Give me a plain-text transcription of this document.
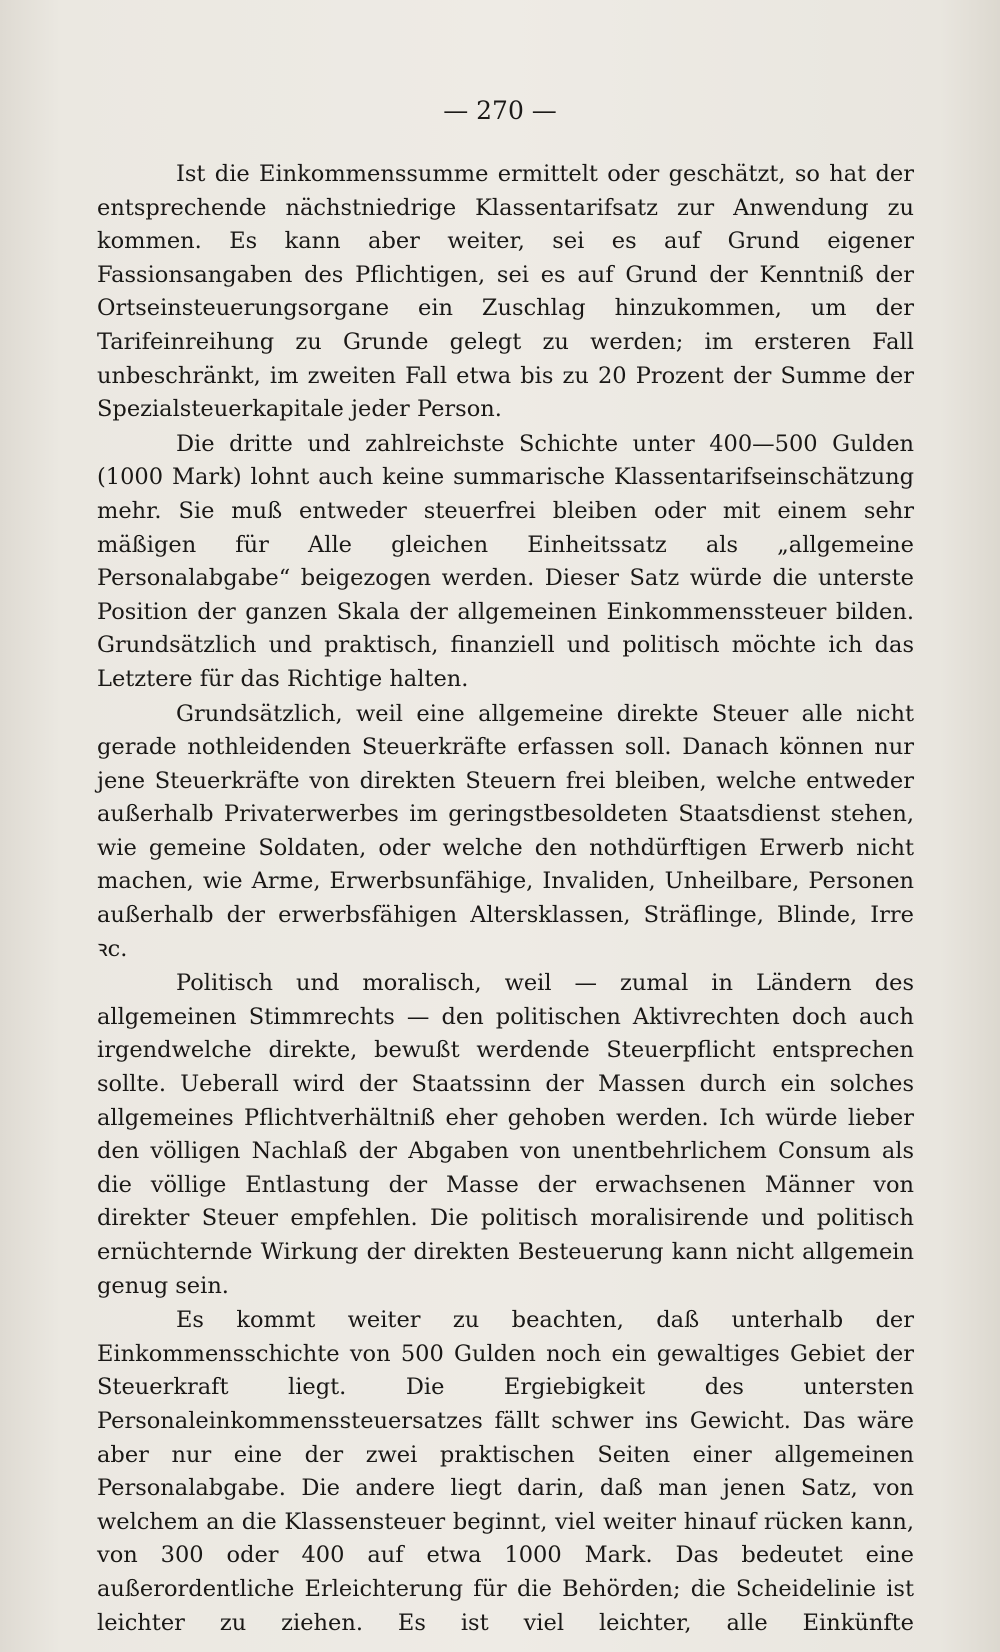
— 270 —

Ist die Einkommenssumme ermittelt oder geschätzt, so hat der entsprechende nächstniedrige Klassentarifsatz zur Anwendung zu kommen. Es kann aber weiter, sei es auf Grund eigener Fassionsangaben des Pflichtigen, sei es auf Grund der Kenntniß der Ortseinsteuerungsorgane ein Zuschlag hinzukommen, um der Tarifeinreihung zu Grunde gelegt zu werden; im ersteren Fall unbeschränkt, im zweiten Fall etwa bis zu 20 Prozent der Summe der Spezialsteuerkapitale jeder Person.

Die dritte und zahlreichste Schichte unter 400—500 Gulden (1000 Mark) lohnt auch keine summarische Klassentarifseinschätzung mehr. Sie muß entweder steuerfrei bleiben oder mit einem sehr mäßigen für Alle gleichen Einheitssatz als „allgemeine Personalabgabe“ beigezogen werden. Dieser Satz würde die unterste Position der ganzen Skala der allgemeinen Einkommenssteuer bilden. Grundsätzlich und praktisch, finanziell und politisch möchte ich das Letztere für das Richtige halten.

Grundsätzlich, weil eine allgemeine direkte Steuer alle nicht gerade nothleidenden Steuerkräfte erfassen soll. Danach können nur jene Steuerkräfte von direkten Steuern frei bleiben, welche entweder außerhalb Privaterwerbes im geringstbesoldeten Staatsdienst stehen, wie gemeine Soldaten, oder welche den nothdürftigen Erwerb nicht machen, wie Arme, Erwerbsunfähige, Invaliden, Unheilbare, Personen außerhalb der erwerbsfähigen Altersklassen, Sträflinge, Blinde, Irre ꝛc.

Politisch und moralisch, weil — zumal in Ländern des allgemeinen Stimmrechts — den politischen Aktivrechten doch auch irgendwelche direkte, bewußt werdende Steuerpflicht entsprechen sollte. Ueberall wird der Staatssinn der Massen durch ein solches allgemeines Pflichtverhältniß eher gehoben werden. Ich würde lieber den völligen Nachlaß der Abgaben von unentbehrlichem Consum als die völlige Entlastung der Masse der erwachsenen Männer von direkter Steuer empfehlen. Die politisch moralisirende und politisch ernüchternde Wirkung der direkten Besteuerung kann nicht allgemein genug sein.

Es kommt weiter zu beachten, daß unterhalb der Einkommensschichte von 500 Gulden noch ein gewaltiges Gebiet der Steuerkraft liegt. Die Ergiebigkeit des untersten Personaleinkommenssteuersatzes fällt schwer ins Gewicht. Das wäre aber nur eine der zwei praktischen Seiten einer allgemeinen Personalabgabe. Die andere liegt darin, daß man jenen Satz, von welchem an die Klassensteuer beginnt, viel weiter hinauf rücken kann, von 300 oder 400 auf etwa 1000 Mark. Das bedeutet eine außerordentliche Erleichterung für die Behörden; die Scheidelinie ist leichter zu ziehen. Es ist viel leichter, alle Einkünfte
